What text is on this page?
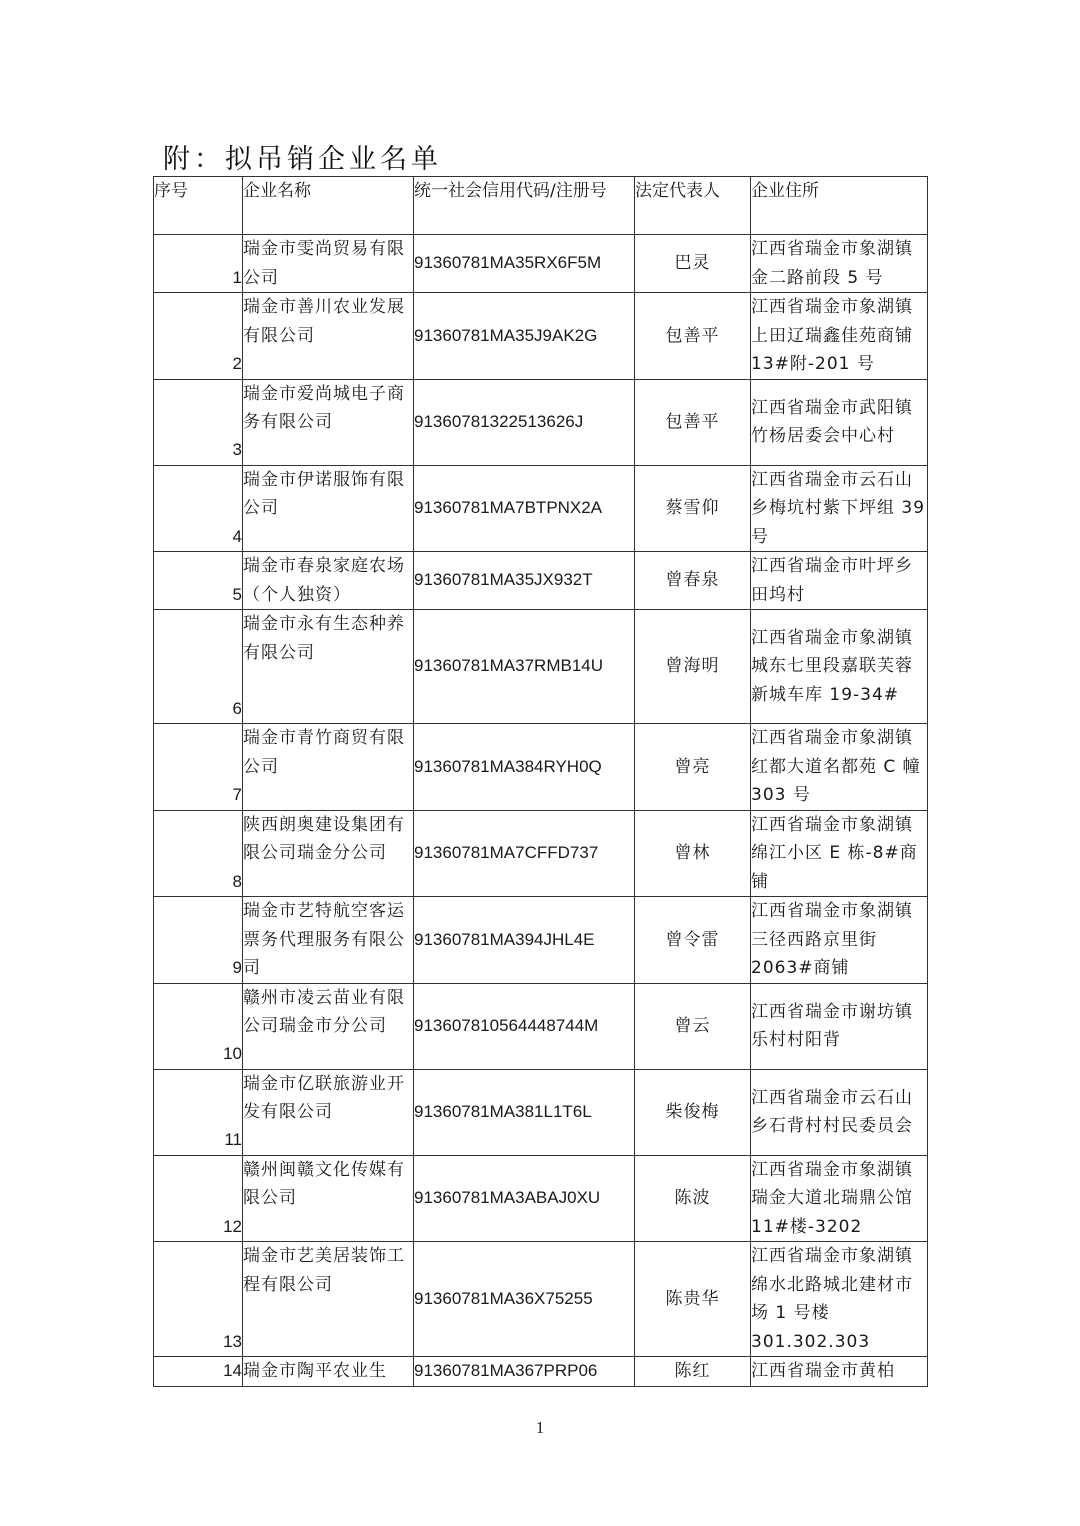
附：拟吊销企业名单
序号	企业名称	统一社会信用代码/注册号	法定代表人	企业住所
1	瑞金市雯尚贸易有限公司	91360781MA35RX6F5M	巴灵	江西省瑞金市象湖镇金二路前段 5 号
2	瑞金市善川农业发展有限公司	91360781MA35J9AK2G	包善平	江西省瑞金市象湖镇上田辽瑞鑫佳苑商铺 13#附-201 号
3	瑞金市爱尚城电子商务有限公司	91360781322513626J	包善平	江西省瑞金市武阳镇竹杨居委会中心村
4	瑞金市伊诺服饰有限公司	91360781MA7BTPNX2A	蔡雪仰	江西省瑞金市云石山乡梅坑村紫下坪组 39 号
5	瑞金市春泉家庭农场（个人独资）	91360781MA35JX932T	曾春泉	江西省瑞金市叶坪乡田坞村
6	瑞金市永有生态种养有限公司	91360781MA37RMB14U	曾海明	江西省瑞金市象湖镇城东七里段嘉联芙蓉新城车库 19-34#
7	瑞金市青竹商贸有限公司	91360781MA384RYH0Q	曾亮	江西省瑞金市象湖镇红都大道名都苑 C 幢 303 号
8	陕西朗奥建设集团有限公司瑞金分公司	91360781MA7CFFD737	曾林	江西省瑞金市象湖镇绵江小区 E 栋-8#商铺
9	瑞金市艺特航空客运票务代理服务有限公司	91360781MA394JHL4E	曾令雷	江西省瑞金市象湖镇三径西路京里街 2063#商铺
10	赣州市凌云苗业有限公司瑞金市分公司	913607810564448744M	曾云	江西省瑞金市谢坊镇乐村村阳背
11	瑞金市亿联旅游业开发有限公司	91360781MA381L1T6L	柴俊梅	江西省瑞金市云石山乡石背村村民委员会
12	赣州闽赣文化传媒有限公司	91360781MA3ABAJ0XU	陈波	江西省瑞金市象湖镇瑞金大道北瑞鼎公馆 11#楼-3202
13	瑞金市艺美居装饰工程有限公司	91360781MA36X75255	陈贵华	江西省瑞金市象湖镇绵水北路城北建材市场 1 号楼 301.302.303
14	瑞金市陶平农业生	91360781MA367PRP06	陈红	江西省瑞金市黄柏
1
